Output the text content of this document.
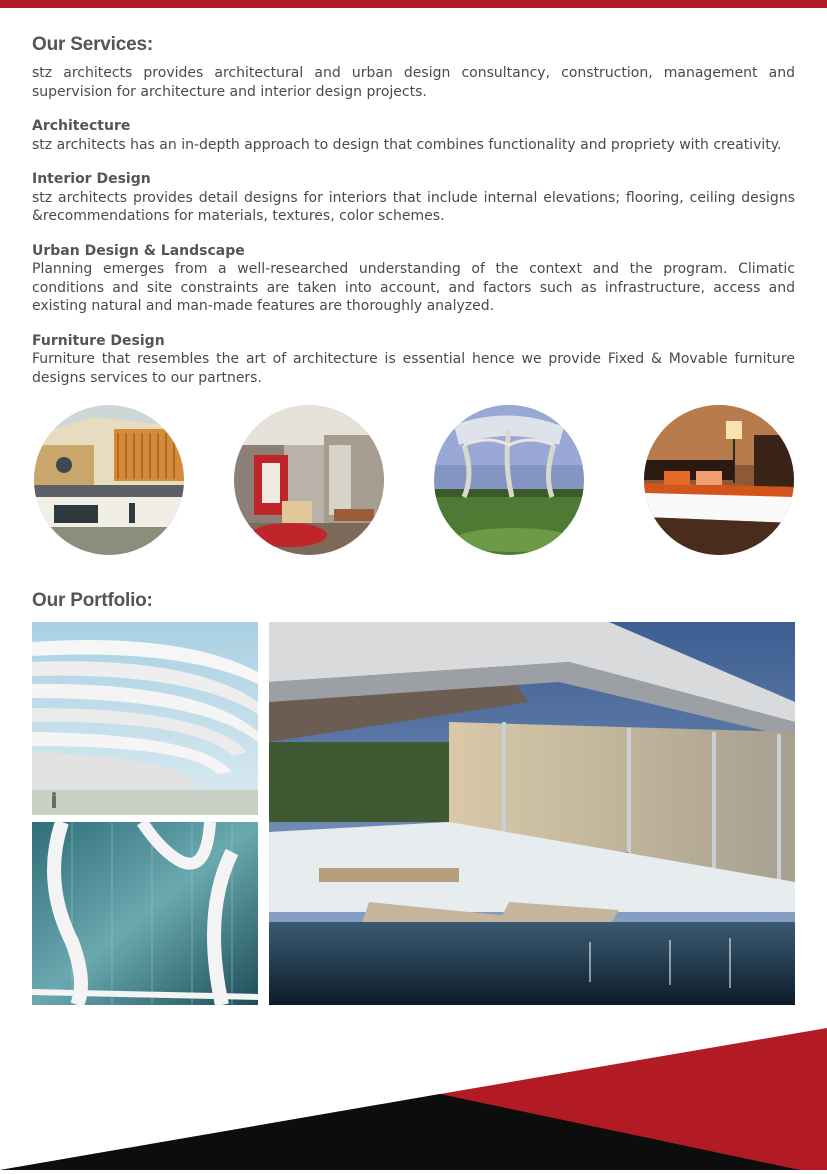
Our Services:

stz architects provides architectural and urban design consultancy, construction, management and supervision for architecture and interior design projects.

Architecture

stz architects has an in-depth approach to design that combines functionality and propriety with creativity.

Interior Design

stz architects provides detail designs for interiors that include internal elevations; flooring, ceiling designs &recommendations for materials, textures, color schemes.

Urban Design & Landscape

Planning emerges from a well-researched understanding of the context and the program. Climatic conditions and site constraints are taken into account, and factors such as infrastructure, access and existing natural and man-made features are thoroughly analyzed.

Furniture Design

Furniture that resembles the art of architecture is essential hence we provide Fixed & Movable furniture designs services to our partners.

Our Portfolio:
